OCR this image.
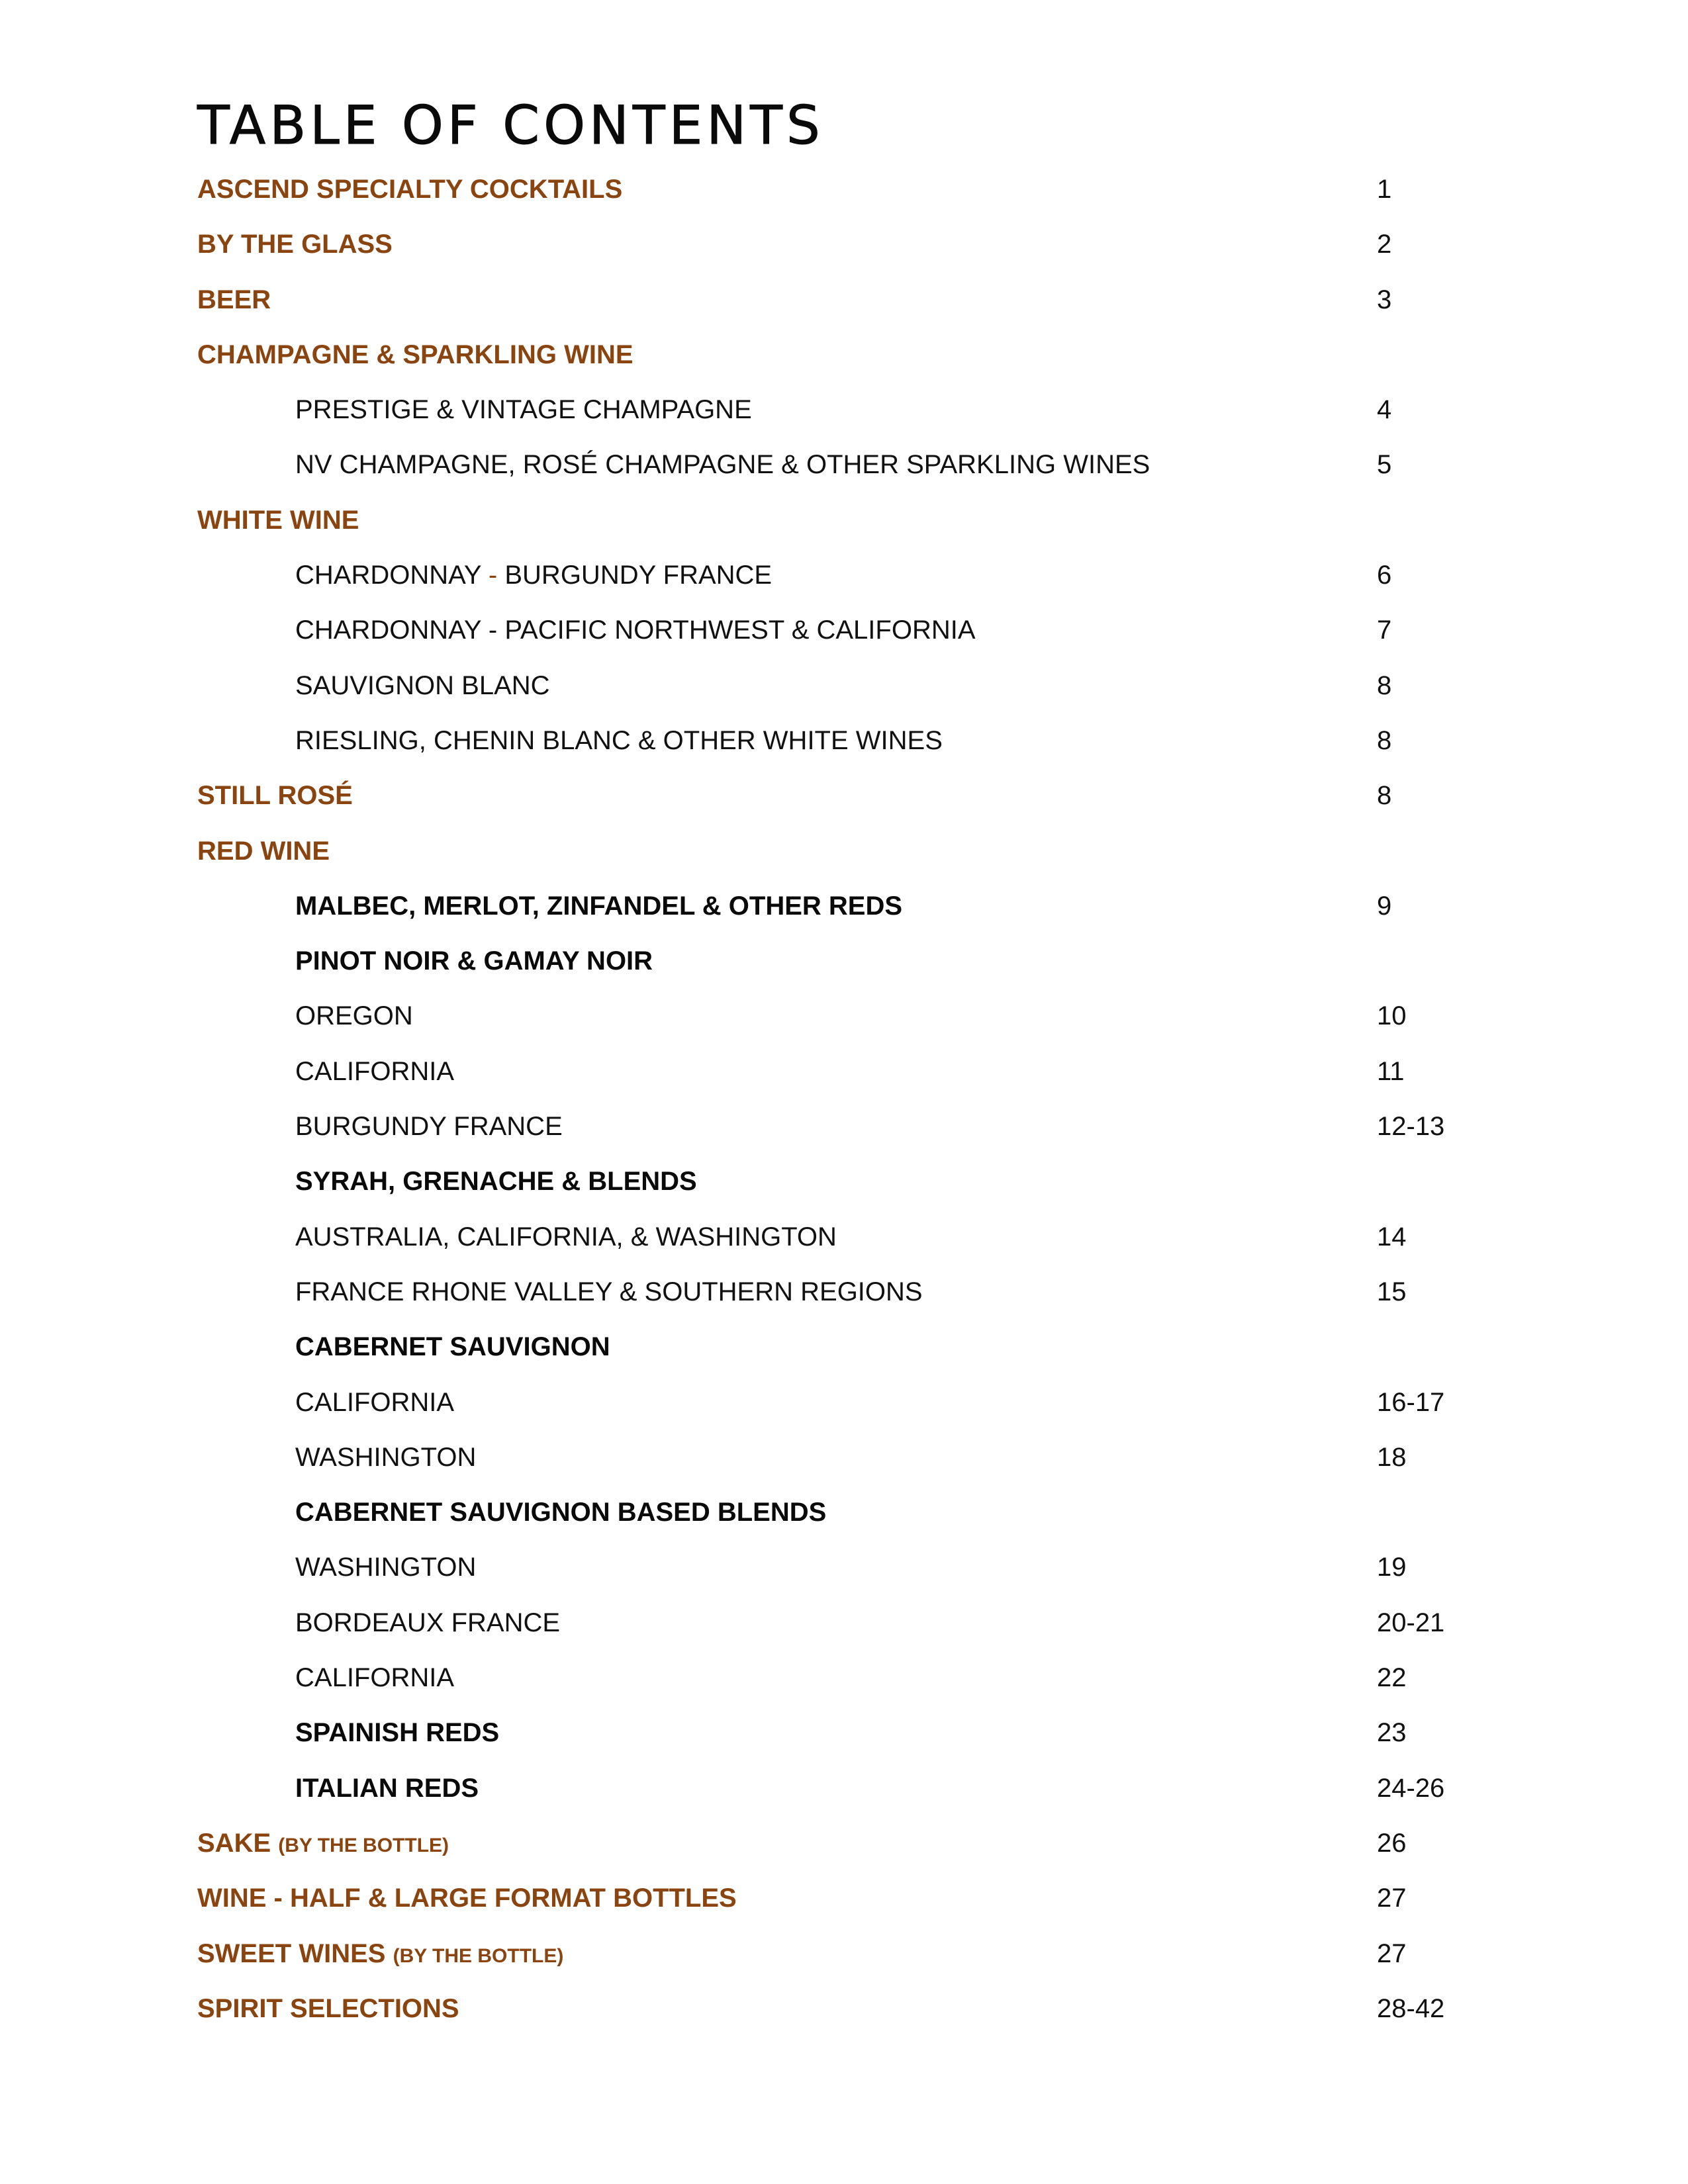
TABLE OF CONTENTS
ASCEND SPECIALTY COCKTAILS	1
BY THE GLASS	2
BEER	3
CHAMPAGNE & SPARKLING WINE
PRESTIGE & VINTAGE CHAMPAGNE	4
NV CHAMPAGNE, ROSÉ CHAMPAGNE & OTHER SPARKLING WINES	5
WHITE WINE
CHARDONNAY - BURGUNDY FRANCE	6
CHARDONNAY - PACIFIC NORTHWEST & CALIFORNIA	7
SAUVIGNON BLANC	8
RIESLING, CHENIN BLANC & OTHER WHITE WINES	8
STILL ROSÉ	8
RED WINE
MALBEC, MERLOT, ZINFANDEL & OTHER REDS	9
PINOT NOIR & GAMAY NOIR
OREGON	10
CALIFORNIA	11
BURGUNDY FRANCE	12-13
SYRAH, GRENACHE & BLENDS
AUSTRALIA, CALIFORNIA, & WASHINGTON	14
FRANCE RHONE VALLEY & SOUTHERN REGIONS	15
CABERNET SAUVIGNON
CALIFORNIA	16-17
WASHINGTON	18
CABERNET SAUVIGNON BASED BLENDS
WASHINGTON	19
BORDEAUX FRANCE	20-21
CALIFORNIA	22
SPAINISH REDS	23
ITALIAN REDS	24-26
SAKE (BY THE BOTTLE)	26
WINE - HALF & LARGE FORMAT BOTTLES	27
SWEET WINES (BY THE BOTTLE)	27
SPIRIT SELECTIONS	28-42
